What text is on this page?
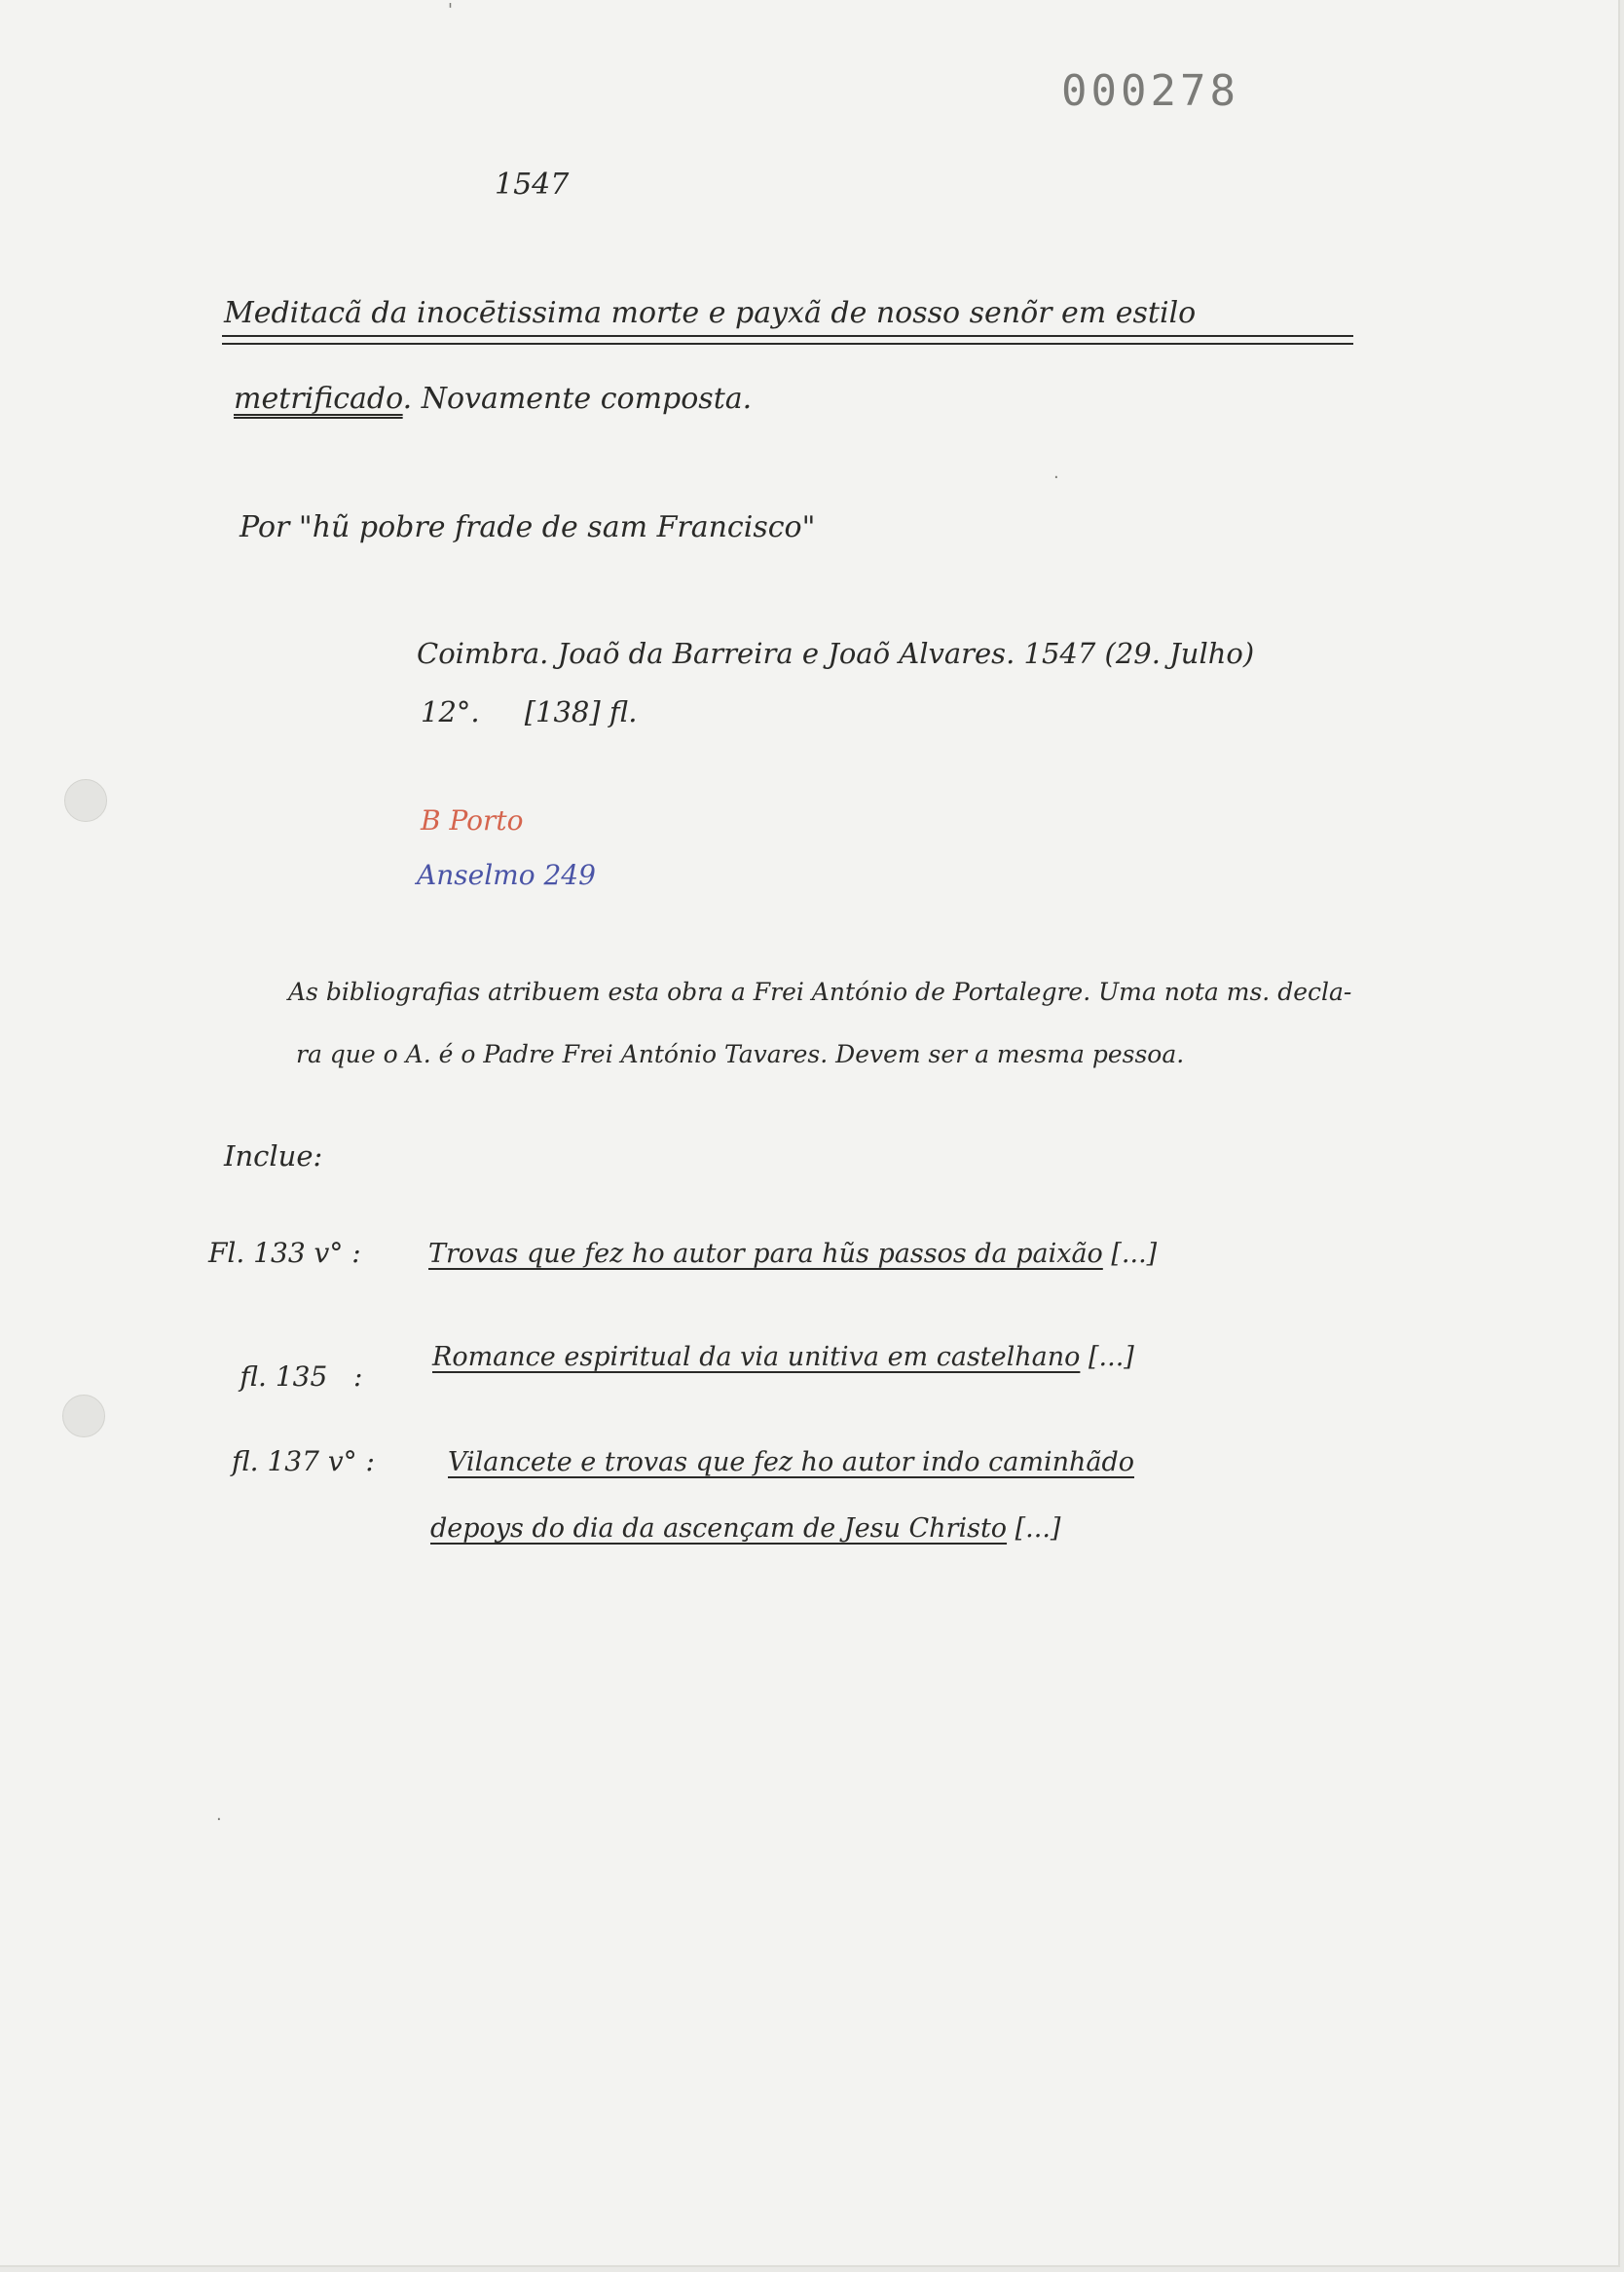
000278
'
1547
Meditacã da inocētissima morte e payxã de nosso senõr em estilo
metrificado. Novamente composta.
Por "hũ pobre frade de sam Francisco"
Coimbra. Joaõ da Barreira e Joaõ Alvares. 1547 (29. Julho)
12°.     [138] fl.
B Porto
Anselmo 249
As bibliografias atribuem esta obra a Frei António de Portalegre. Uma nota ms. decla-
ra que o A. é o Padre Frei António Tavares. Devem ser a mesma pessoa.
Inclue:
Fl. 133 v° :	Trovas que fez ho autor para hũs passos da paixão [...]

fl. 135   :

Romance espiritual da via unitiva em castelhano [...]
fl. 137 v° :	Vilancete e trovas que fez ho autor indo caminhãdo
depoys do dia da ascençam de Jesu Christo [...]
·
·
